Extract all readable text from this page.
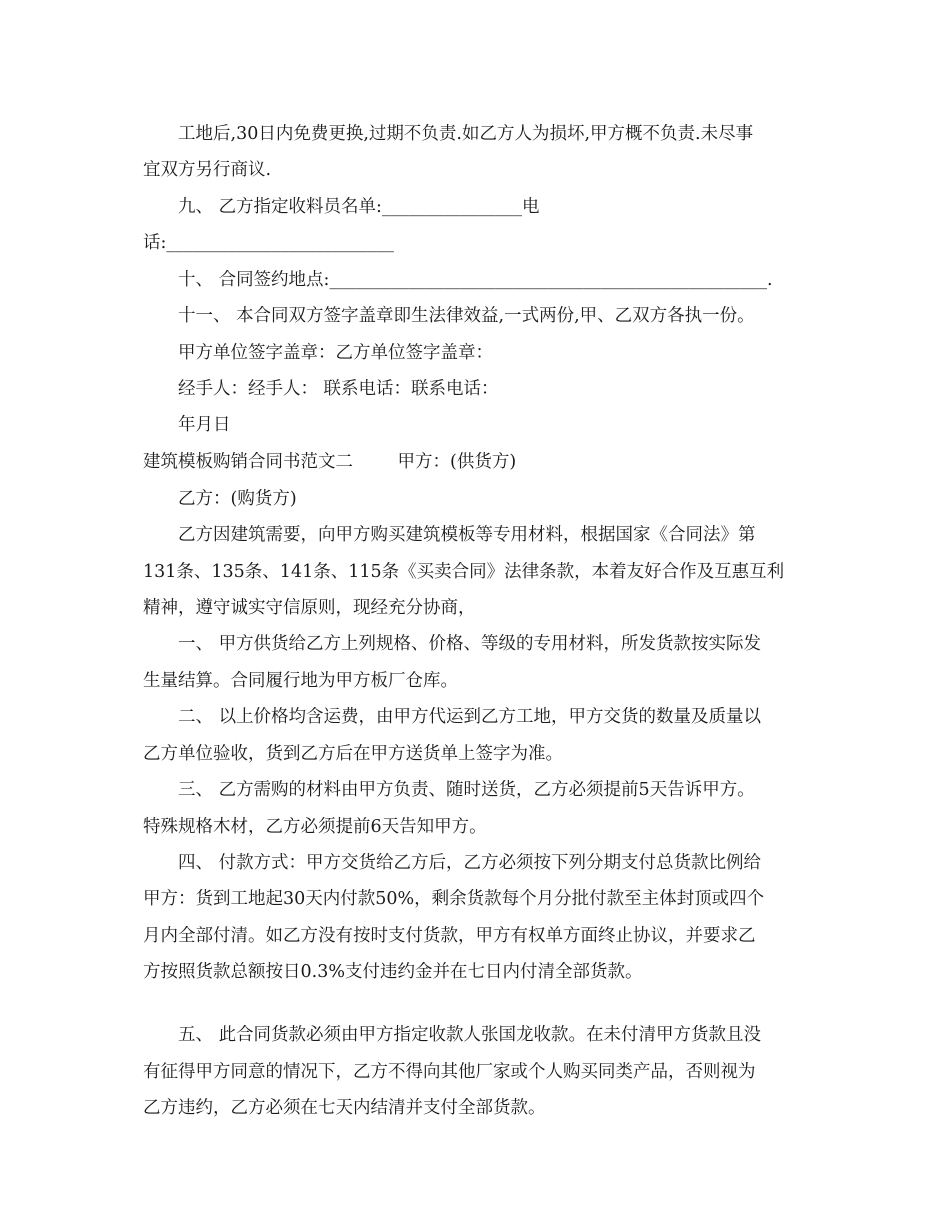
工地后,30日内免费更换,过期不负责.如乙方人为损坏,甲方概不负责.未尽事
宜双方另行商议.
九、 乙方指定收料员名单:________________电
话:__________________________
十、 合同签约地点:__________________________________________________.
十一、 本合同双方签字盖章即生法律效益,一式两份,甲、乙双方各执一份。
甲方单位签字盖章：乙方单位签字盖章：
经手人：经手人： 联系电话：联系电话：
年月日
建筑模板购销合同书范文二        甲方：(供货方)
乙方：(购货方)
乙方因建筑需要，向甲方购买建筑模板等专用材料，根据国家《合同法》第
131条、135条、141条、115条《买卖合同》法律条款，本着友好合作及互惠互利
精神，遵守诚实守信原则，现经充分协商，
一、 甲方供货给乙方上列规格、价格、等级的专用材料，所发货款按实际发
生量结算。合同履行地为甲方板厂仓库。
二、 以上价格均含运费，由甲方代运到乙方工地，甲方交货的数量及质量以
乙方单位验收，货到乙方后在甲方送货单上签字为准。
三、 乙方需购的材料由甲方负责、随时送货，乙方必须提前5天告诉甲方。
特殊规格木材，乙方必须提前6天告知甲方。
四、 付款方式：甲方交货给乙方后，乙方必须按下列分期支付总货款比例给
甲方：货到工地起30天内付款50%，剩余货款每个月分批付款至主体封顶或四个
月内全部付清。如乙方没有按时支付货款，甲方有权单方面终止协议，并要求乙
方按照货款总额按日0.3%支付违约金并在七日内付清全部货款。
五、 此合同货款必须由甲方指定收款人张国龙收款。在未付清甲方货款且没
有征得甲方同意的情况下，乙方不得向其他厂家或个人购买同类产品，否则视为
乙方违约，乙方必须在七天内结清并支付全部货款。
